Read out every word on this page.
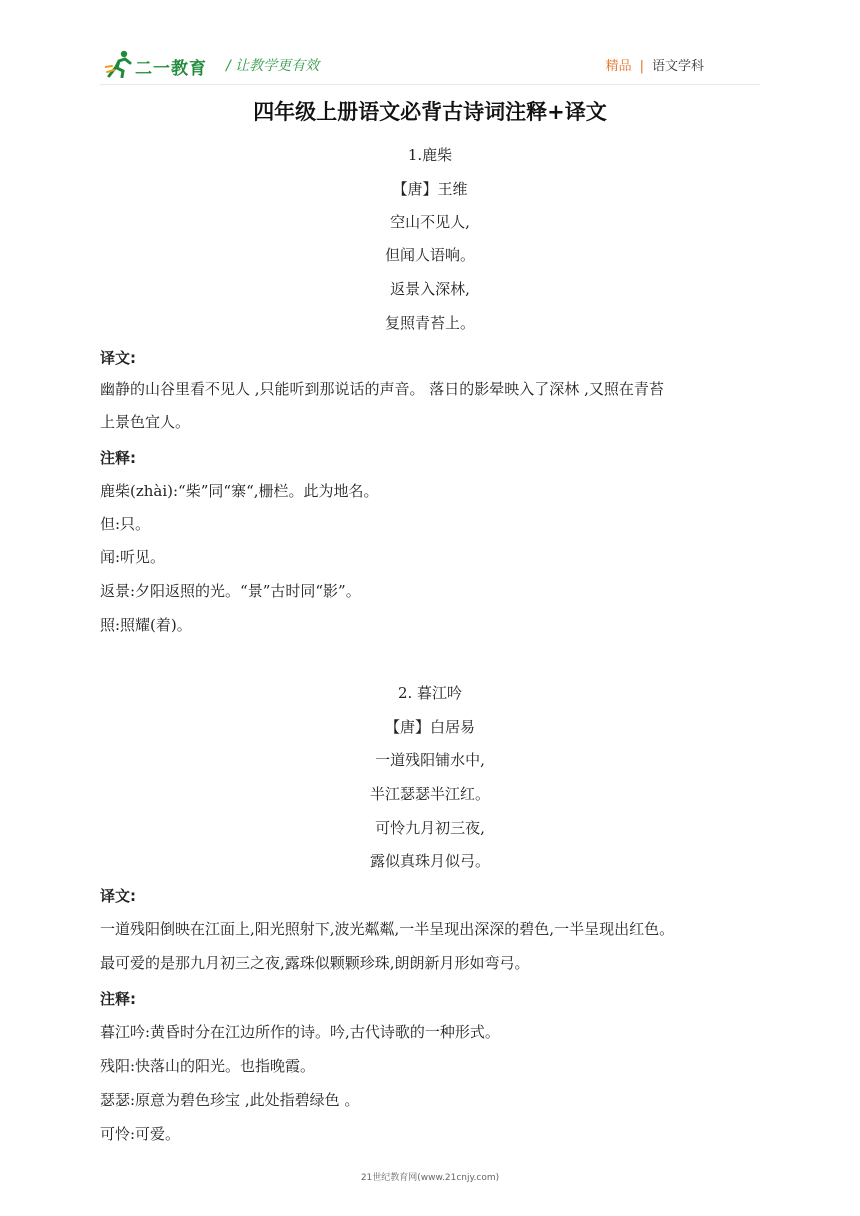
二一教育 / 让教学更有效	精品 | 语文学科
四年级上册语文必背古诗词注释+译文
1.鹿柴
【唐】王维
空山不见人,
但闻人语响。
返景入深林,
复照青苔上。
译文:
幽静的山谷里看不见人 ,只能听到那说话的声音。 落日的影晕映入了深林 ,又照在青苔
上景色宜人。
注释:
鹿柴(zhài):“柴”同“寨“,栅栏。此为地名。
但:只。
闻:听见。
返景:夕阳返照的光。“景”古时同“影”。
照:照耀(着)。
2. 暮江吟
【唐】白居易
一道残阳铺水中,
半江瑟瑟半江红。
可怜九月初三夜,
露似真珠月似弓。
译文:
一道残阳倒映在江面上,阳光照射下,波光粼粼,一半呈现出深深的碧色,一半呈现出红色。
最可爱的是那九月初三之夜,露珠似颗颗珍珠,朗朗新月形如弯弓。
注释:
暮江吟:黄昏时分在江边所作的诗。吟,古代诗歌的一种形式。
残阳:快落山的阳光。也指晚霞。
瑟瑟:原意为碧色珍宝 ,此处指碧绿色 。
可怜:可爱。
21世纪教育网(www.21cnjy.com)
